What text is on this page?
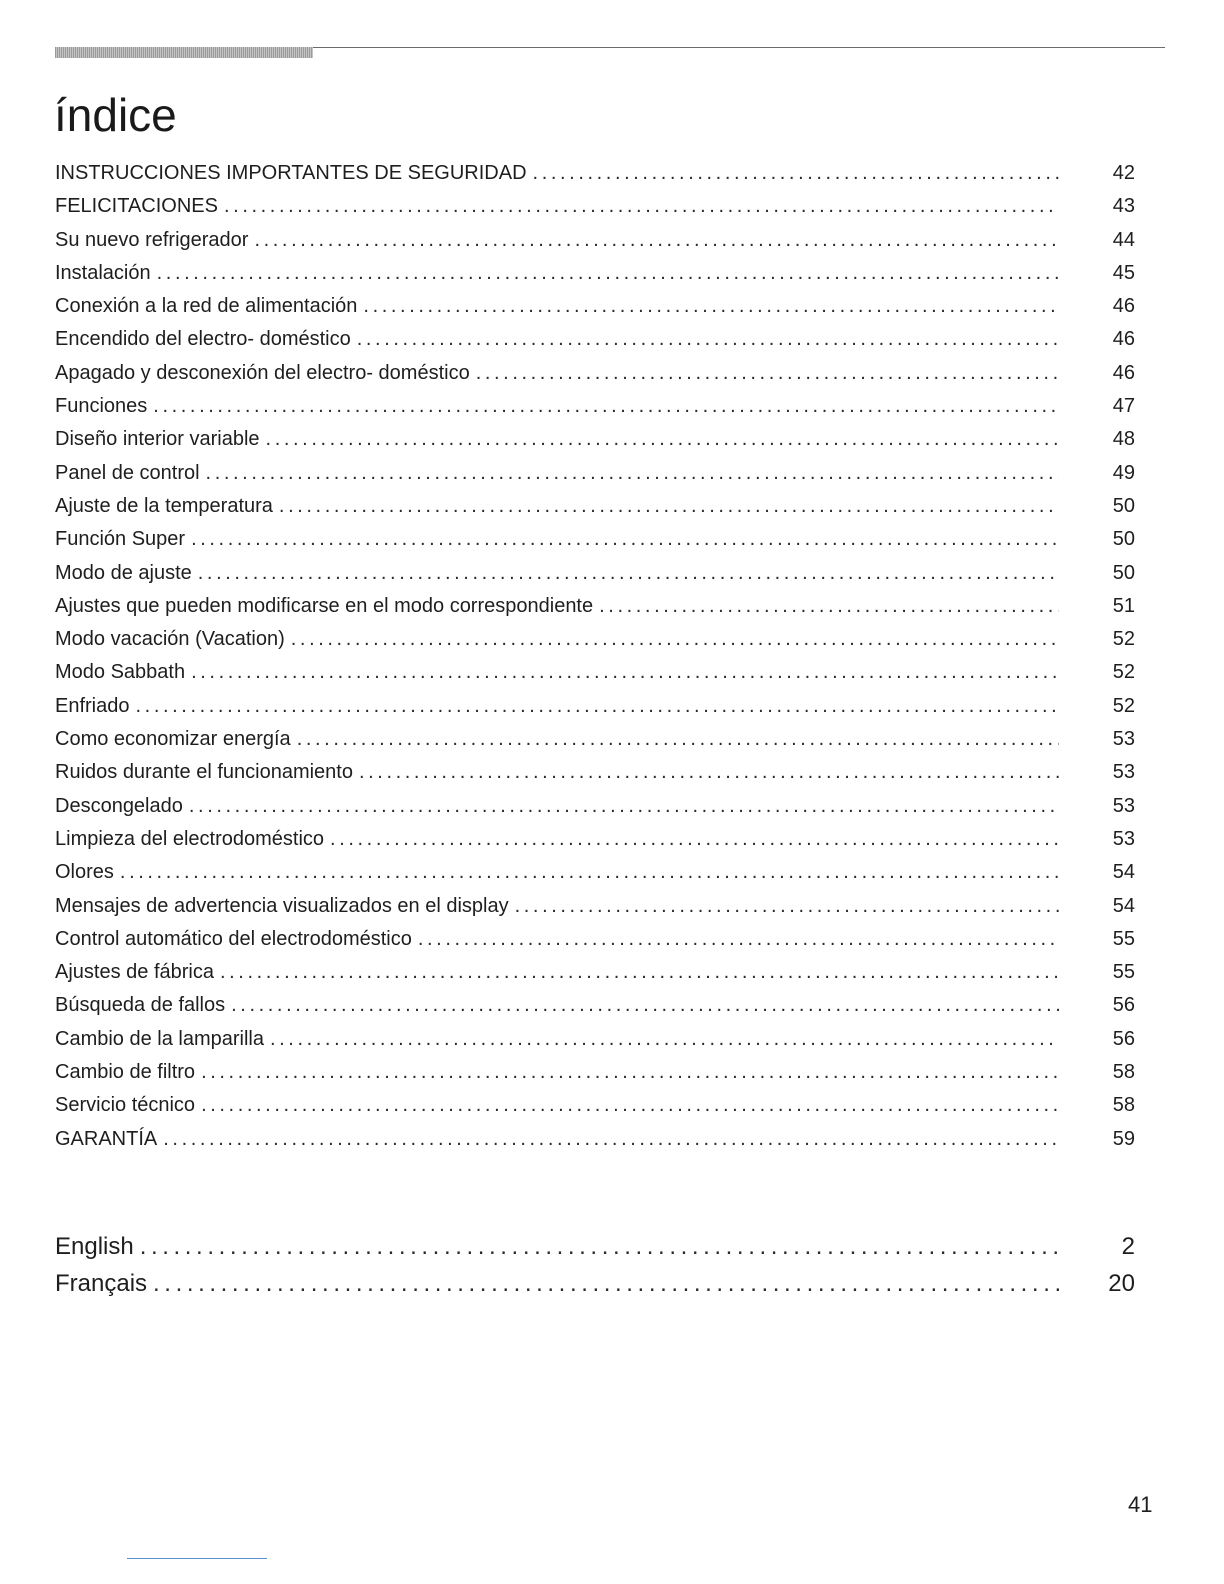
índice
INSTRUCCIONES IMPORTANTES DE SEGURIDAD .....	42
FELICITACIONES .....	43
Su nuevo refrigerador .....	44
Instalación .....	45
Conexión a la red de alimentación .....	46
Encendido del electro- doméstico .....	46
Apagado y desconexión del electro- doméstico .....	46
Funciones .....	47
Diseño interior variable .....	48
Panel de control .....	49
Ajuste de la temperatura .....	50
Función Super .....	50
Modo de ajuste .....	50
Ajustes que pueden modificarse en el modo correspondiente .....	51
Modo vacación (Vacation) .....	52
Modo Sabbath .....	52
Enfriado .....	52
Como economizar energía .....	53
Ruidos durante el funcionamiento .....	53
Descongelado .....	53
Limpieza del electrodoméstico .....	53
Olores .....	54
Mensajes de advertencia visualizados en el display .....	54
Control automático del electrodoméstico .....	55
Ajustes de fábrica .....	55
Búsqueda de fallos .....	56
Cambio de la lamparilla .....	56
Cambio de filtro .....	58
Servicio técnico .....	58
GARANTÍA .....	59
English .....	2
Français .....	20
41
